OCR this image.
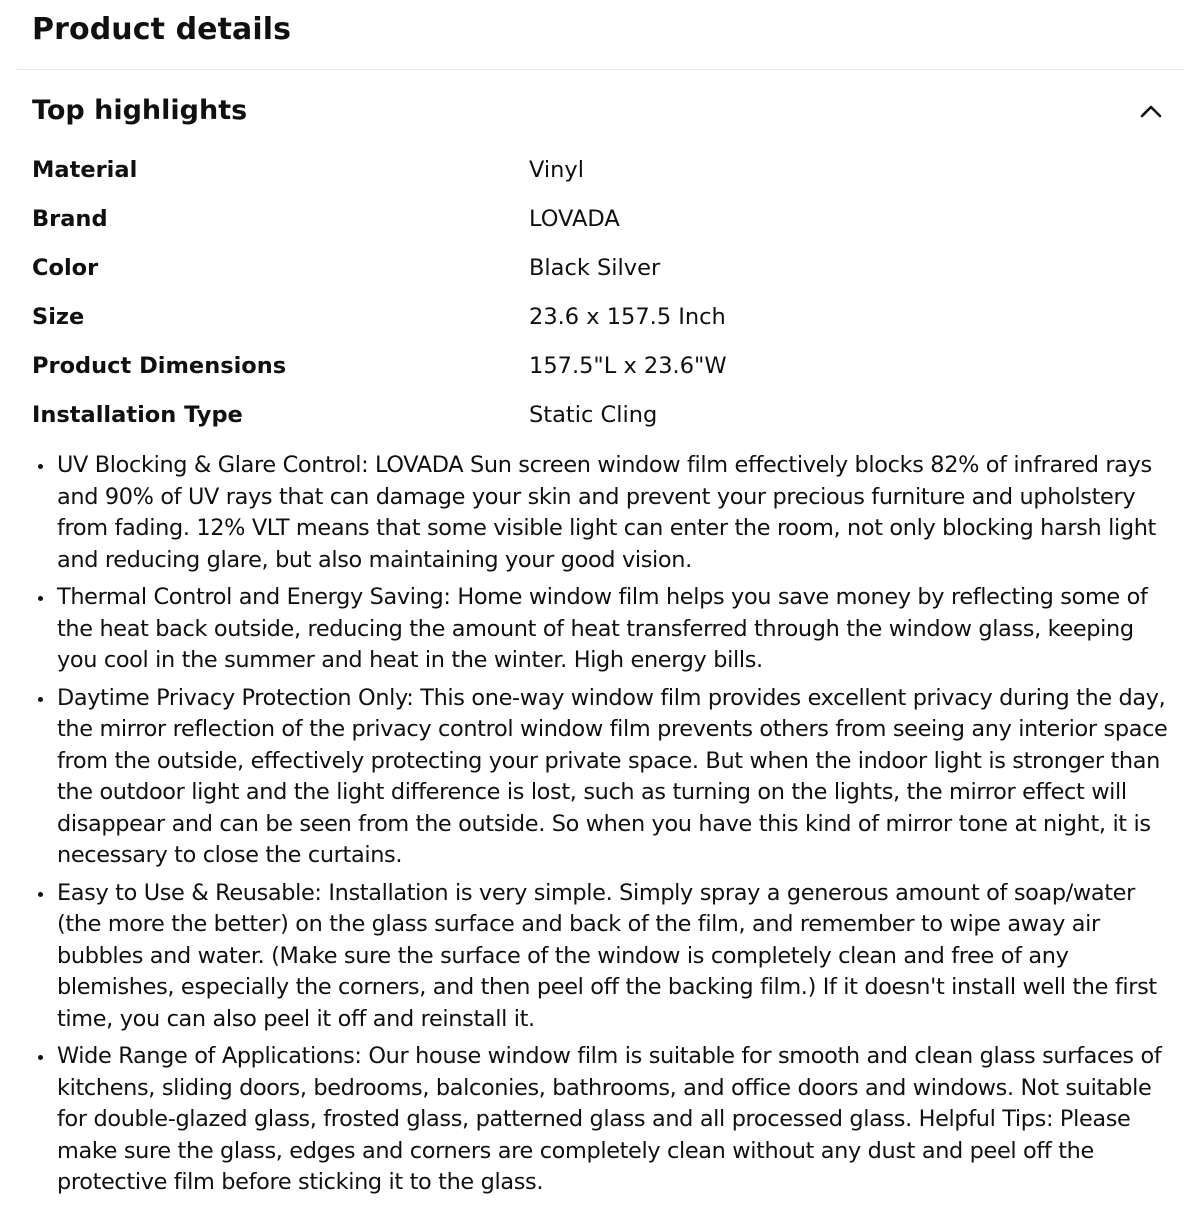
Product details
Top highlights
Material	Vinyl
Brand	LOVADA
Color	Black Silver
Size	23.6 x 157.5 Inch
Product Dimensions	157.5"L x 23.6"W
Installation Type	Static Cling
UV Blocking & Glare Control: LOVADA Sun screen window film effectively blocks 82% of infrared rays and 90% of UV rays that can damage your skin and prevent your precious furniture and upholstery from fading. 12% VLT means that some visible light can enter the room, not only blocking harsh light and reducing glare, but also maintaining your good vision.
Thermal Control and Energy Saving: Home window film helps you save money by reflecting some of the heat back outside, reducing the amount of heat transferred through the window glass, keeping you cool in the summer and heat in the winter. High energy bills.
Daytime Privacy Protection Only: This one-way window film provides excellent privacy during the day, the mirror reflection of the privacy control window film prevents others from seeing any interior space from the outside, effectively protecting your private space. But when the indoor light is stronger than the outdoor light and the light difference is lost, such as turning on the lights, the mirror effect will disappear and can be seen from the outside. So when you have this kind of mirror tone at night, it is necessary to close the curtains.
Easy to Use & Reusable: Installation is very simple. Simply spray a generous amount of soap/water (the more the better) on the glass surface and back of the film, and remember to wipe away air bubbles and water. (Make sure the surface of the window is completely clean and free of any blemishes, especially the corners, and then peel off the backing film.) If it doesn't install well the first time, you can also peel it off and reinstall it.
Wide Range of Applications: Our house window film is suitable for smooth and clean glass surfaces of kitchens, sliding doors, bedrooms, balconies, bathrooms, and office doors and windows. Not suitable for double-glazed glass, frosted glass, patterned glass and all processed glass. Helpful Tips: Please make sure the glass, edges and corners are completely clean without any dust and peel off the protective film before sticking it to the glass.
